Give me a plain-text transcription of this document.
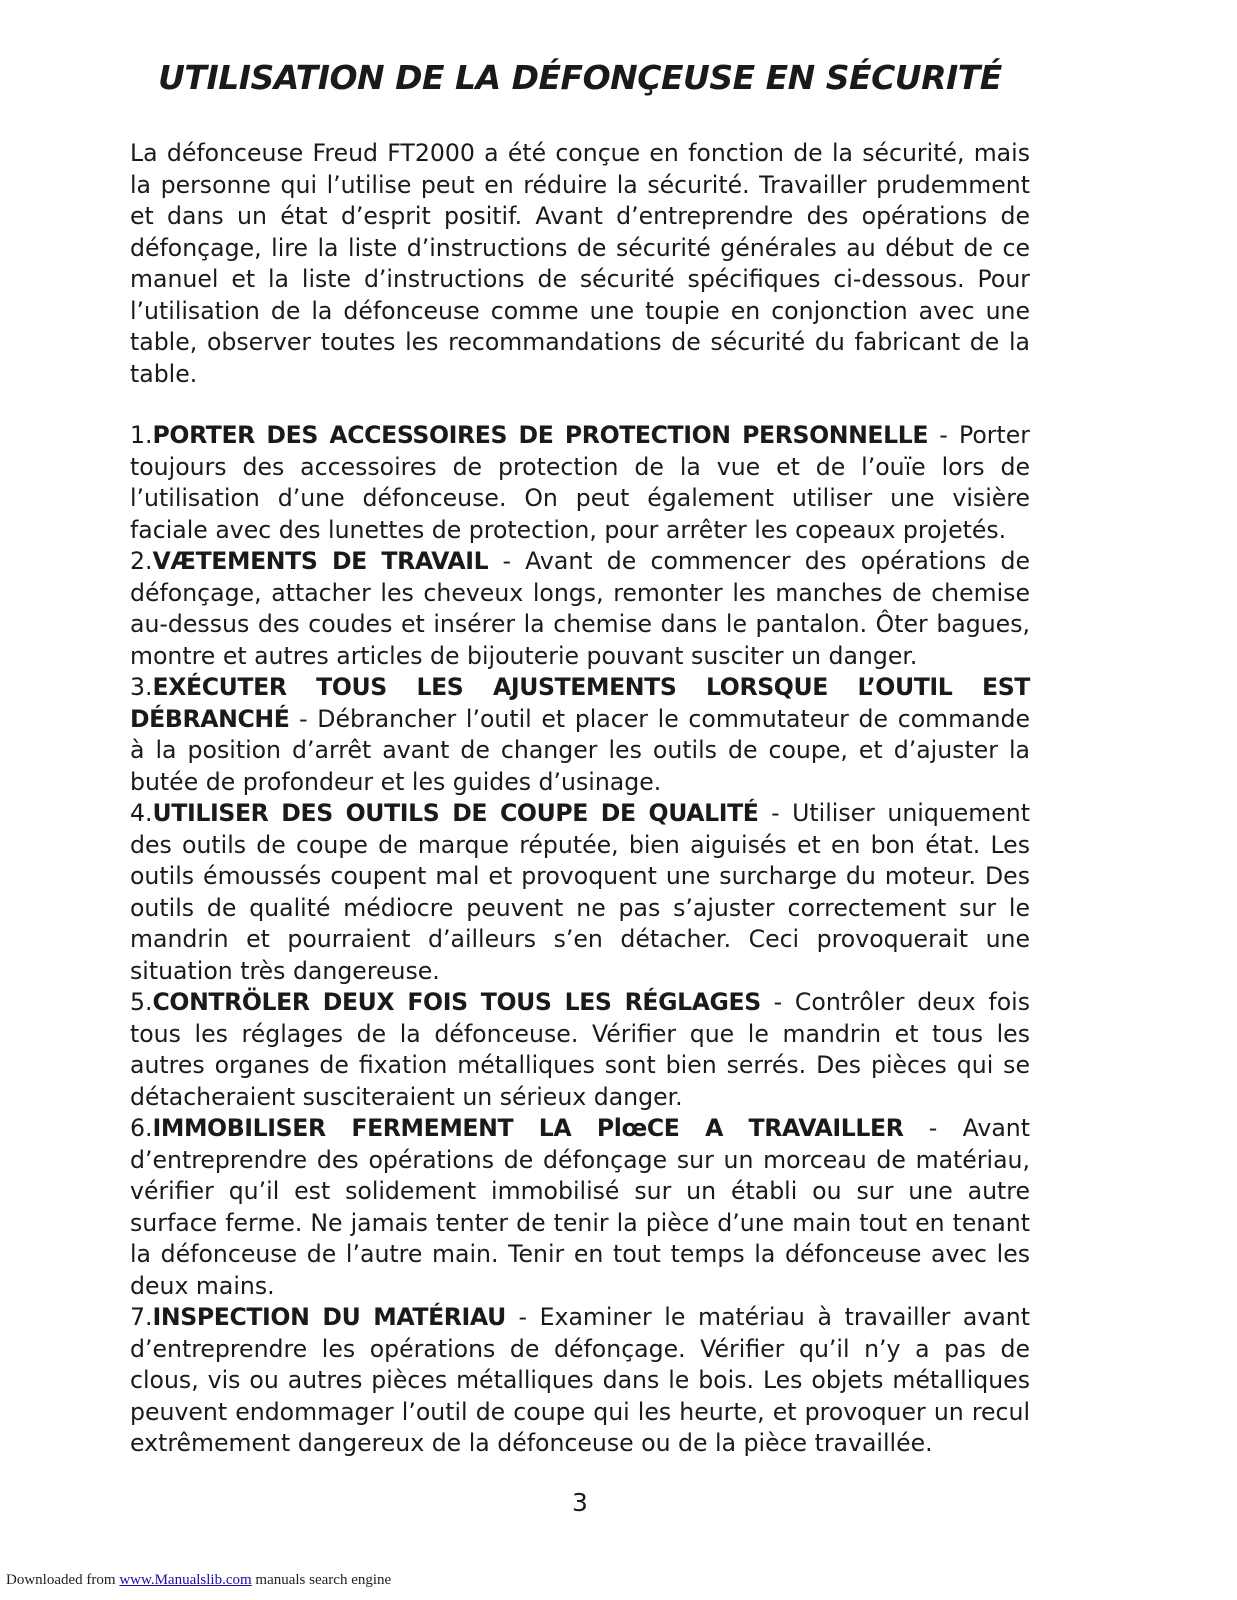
UTILISATION DE LA DÉFONÇEUSE EN SÉCURITÉ

La défonceuse Freud FT2000 a été conçue en fonction de la sécurité, mais la personne qui l’utilise peut en réduire la sécurité. Travailler prudemment et dans un état d’esprit positif. Avant d’entreprendre des opérations de défonçage, lire la liste d’instructions de sécurité générales au début de ce manuel et la liste d’instructions de sécurité spécifiques ci-dessous. Pour l’utilisation de la défonceuse comme une toupie en conjonction avec une table, observer toutes les recommandations de sécurité du fabricant de la table.

1.PORTER DES ACCESSOIRES DE PROTECTION PERSONNELLE - Porter toujours des accessoires de protection de la vue et de l’ouïe lors de l’utilisation d’une défonceuse. On peut également utiliser une visière faciale avec des lunettes de protection, pour arrêter les copeaux projetés.
2.VÆTEMENTS DE TRAVAIL - Avant de commencer des opérations de défonçage, attacher les cheveux longs, remonter les manches de chemise au-dessus des coudes et insérer la chemise dans le pantalon. Ôter bagues, montre et autres articles de bijouterie pouvant susciter un danger.
3.EXÉCUTER TOUS LES AJUSTEMENTS LORSQUE L’OUTIL EST DÉBRANCHÉ - Débrancher l’outil et placer le commutateur de commande à la position d’arrêt avant de changer les outils de coupe, et d’ajuster la butée de profondeur et les guides d’usinage.
4.UTILISER DES OUTILS DE COUPE DE QUALITÉ - Utiliser uniquement des outils de coupe de marque réputée, bien aiguisés et en bon état. Les outils émoussés coupent mal et provoquent une surcharge du moteur. Des outils de qualité médiocre peuvent ne pas s’ajuster correctement sur le mandrin et pourraient d’ailleurs s’en détacher. Ceci provoquerait une situation très dangereuse.
5.CONTRÖLER DEUX FOIS TOUS LES RÉGLAGES - Contrôler deux fois tous les réglages de la défonceuse. Vérifier que le mandrin et tous les autres organes de fixation métalliques sont bien serrés. Des pièces qui se détacheraient susciteraient un sérieux danger.
6.IMMOBILISER FERMEMENT LA PlœCE A TRAVAILLER - Avant d’entreprendre des opérations de défonçage sur un morceau de matériau, vérifier qu’il est solidement immobilisé sur un établi ou sur une autre surface ferme. Ne jamais tenter de tenir la pièce d’une main tout en tenant la défonceuse de l’autre main. Tenir en tout temps la défonceuse avec les deux mains.
7.INSPECTION DU MATÉRIAU - Examiner le matériau à travailler avant d’entreprendre les opérations de défonçage. Vérifier qu’il n’y a pas de clous, vis ou autres pièces métalliques dans le bois. Les objets métalliques peuvent endommager l’outil de coupe qui les heurte, et provoquer un recul extrêmement dangereux de la défonceuse ou de la pièce travaillée.
3
Downloaded from www.Manualslib.com manuals search engine
